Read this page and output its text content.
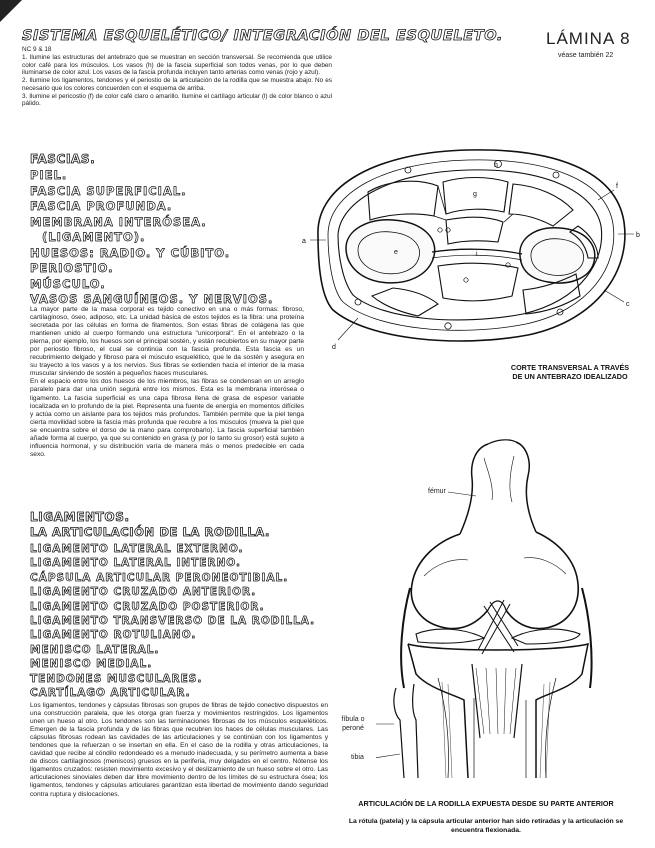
SISTEMA ESQUELÉTICO/ INTEGRACIÓN DEL ESQUELETO.	LÁMINA 8
véase también 22
NC 9 & 18
1. Ilumine las estructuras del antebrazo que se muestran en sección transversal. Se recomienda que utilice color café para los músculos. Los vasos (h) de la fascia superficial son todos venas, por lo que deben iluminarse de color azul. Los vasos de la fascia profunda incluyen tanto arterias como venas (rojo y azul).
2. Ilumine los ligamentos, tendones y el periostio de la articulación de la rodilla que se muestra abajo. No es necesario que los colores concuerden con el esquema de arriba.
3. Ilumine el pericostio (f) de color café claro o amarillo. Ilumine el cartílago articular (l) de color blanco o azul pálido.
FASCIAS.
PIEL.
FASCIA SUPERFICIAL.
FASCIA PROFUNDA.
MEMBRANA INTERÓSEA.
(LIGAMENTO).
HUESOS: RADIO. Y CÚBITO.
PERIOSTIO.
MÚSCULO.
VASOS SANGUÍNEOS. Y NERVIOS.

La mayor parte de la masa corporal es tejido conectivo en una o más formas: fibroso, cartilaginoso, óseo, adiposo, etc. La unidad básica de estos tejidos es la fibra: una proteína secretada por las células en forma de filamentos. Son estas fibras de colágena las que mantienen unido al cuerpo formando una estructura "unicorporal". En el antebrazo o la pierna, por ejemplo, los huesos son el principal sostén, y están recubiertos en su mayor parte por periostio fibroso, el cual se continúa con la fascia profunda. Esta fascia es un recubrimiento delgado y fibroso para el músculo esquelético, que le da sostén y asegura en su trayecto a los vasos y a los nervios. Sus fibras se extienden hacia el interior de la masa muscular sirviendo de sostén a pequeños haces musculares.

En el espacio entre los dos huesos de los miembros, las fibras se condensan en un arreglo paralelo para dar una unión segura entre los mismos. Esta es la membrana interósea o ligamento. La fascia superficial es una capa fibrosa llena de grasa de espesor variable localizada en lo profundo de la piel. Representa una fuente de energía en momentos difíciles y actúa como un aislante para los tejidos más profundos. También permite que la piel tenga cierta movilidad sobre la fascia más profunda que recubre a los músculos (mueva la piel que se encuentra sobre el dorso de la mano para comprobarlo). La fascia superficial también añade forma al cuerpo, ya que su contenido en grasa (y por lo tanto su grosor) está sujeto a influencia hormonal, y su distribución varía de manera más o menos predecible en cada sexo.

a
b
c
d
e
f
g
h
i
CORTE TRANSVERSAL A TRAVÉS DE UN ANTEBRAZO IDEALIZADO
LIGAMENTOS.
LA ARTICULACIÓN DE LA RODILLA.
LIGAMENTO LATERAL EXTERNO.
LIGAMENTO LATERAL INTERNO.
CÁPSULA ARTICULAR PERONEOTIBIAL.
LIGAMENTO CRUZADO ANTERIOR.
LIGAMENTO CRUZADO POSTERIOR.
LIGAMENTO TRANSVERSO DE LA RODILLA.
LIGAMENTO ROTULIANO.
MENISCO LATERAL.
MENISCO MEDIAL.
TENDONES MUSCULARES.
CARTÍLAGO ARTICULAR.

Los ligamentos, tendones y cápsulas fibrosas son grupos de fibras de tejido conectivo dispuestos en una construcción paralela, que les otorga gran fuerza y movimientos restringidos. Los ligamentos unen un hueso al otro. Los tendones son las terminaciones fibrosas de los músculos esqueléticos. Emergen de la fascia profunda y de las fibras que recubren los haces de células musculares. Las cápsulas fibrosas rodean las cavidades de las articulaciones y se continúan con los ligamentos y tendones que la refuerzan o se insertan en ella. En el caso de la rodilla y otras articulaciones, la cavidad que recibe al cóndilo redondeado es a menudo inadecuada, y su perímetro aumenta a base de discos cartilaginosos (meniscos) gruesos en la periferia, muy delgados en el centro. Nótense los ligamentos cruzados: resisten movimiento excesivo y el deslizamiento de un hueso sobre el otro. Las articulaciones sinoviales deben dar libre movimiento dentro de los límites de su estructura ósea; los ligamentos, tendones y cápsulas articulares garantizan esta libertad de movimiento dando seguridad contra ruptura y dislocaciones.

fémur
fíbula o peroné
tibia
ARTICULACIÓN DE LA RODILLA EXPUESTA DESDE SU PARTE ANTERIOR
La rótula (patela) y la cápsula articular anterior han sido retiradas y la articulación se encuentra flexionada.
